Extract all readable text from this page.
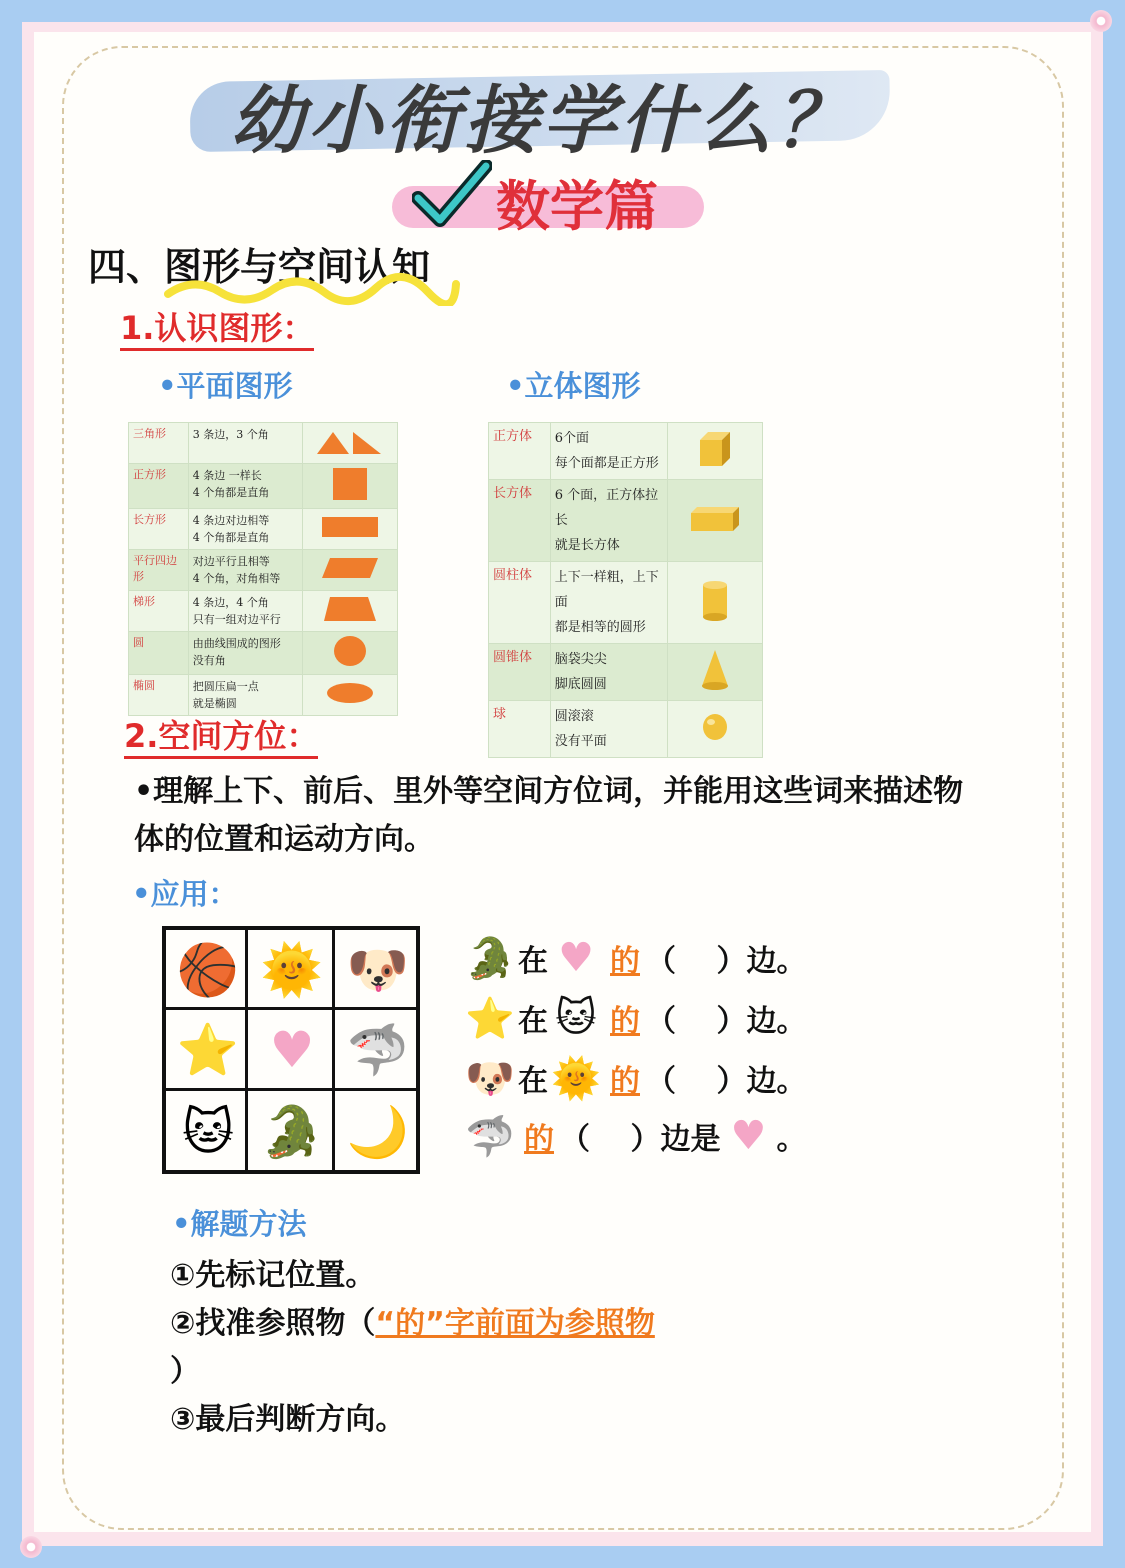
幼小衔接学什么？
数学篇
四、图形与空间认知
1.认识图形：
•平面图形	•立体图形
三角形	3 条边，3 个角

正方形	4 条边 一样长
4 个角都是直角

长方形	4 条边对边相等
4 个角都是直角

平行四边形	对边平行且相等
4 个角，对角相等

梯形	4 条边，4 个角
只有一组对边平行

圆	由曲线围成的图形
没有角

椭圆	把圆压扁一点
就是椭圆

正方体	6个面
每个面都是正方形

长方体	6 个面，正方体拉长
就是长方体

圆柱体	上下一样粗，上下面
都是相等的圆形

圆锥体	脑袋尖尖
脚底圆圆

球	圆滚滚
没有平面

2.空间方位：
•理解上下、前后、里外等空间方位词，并能用这些词来描述物
体的位置和运动方向。
•应用：
🏀 🌞 🐶
⭐ ♥ 🦈
🐱 🐊 🌙
🐊 在 ♥ 的 （　 ） 边。
⭐ 在 🐱 的 （　 ） 边。
🐶 在 🌞 的 （　 ） 边。
🦈 的 （　 ） 边是 ♥ 。
•解题方法
①先标记位置。
②找准参照物（“的”字前面为参照物
）
③最后判断方向。
